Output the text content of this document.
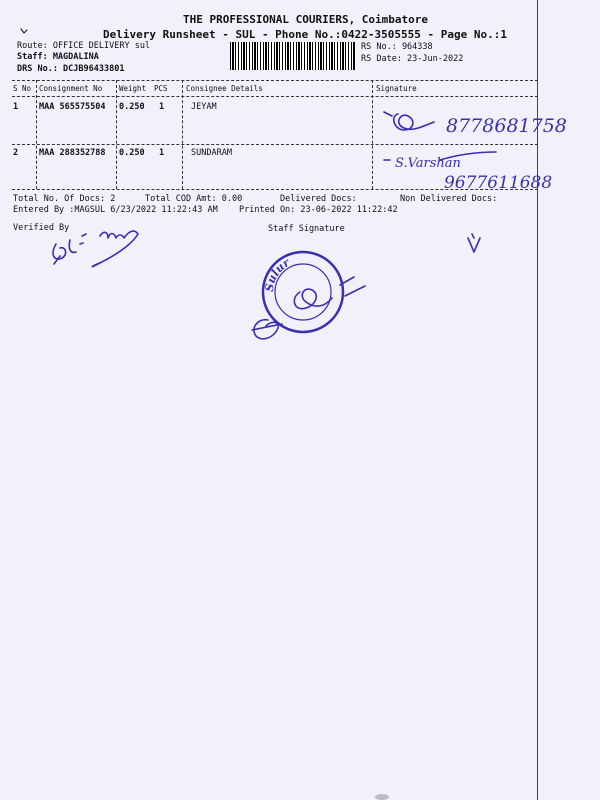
THE PROFESSIONAL COURIERS, Coimbatore
Delivery Runsheet - SUL - Phone No.:0422-3505555 - Page No.:1
Route: OFFICE DELIVERY sul
Staff: MAGDALINA
DRS No.: DCJB96433801
RS No.: 964338
RS Date: 23-Jun-2022
S No Consignment No Weight PCS Consignee Details	Signature
1 MAA 565575504 0.250 1	JEYAM
2 MAA 288352788 0.250 1	SUNDARAM
Total No. Of Docs: 2	Total COD Amt: 0.00	Delivered Docs:	Non Delivered Docs:
Entered By :MAGSUL 6/23/2022 11:22:43 AM	Printed On: 23-06-2022 11:22:42
Verified By	Staff Signature
8778681758
S.Varshan
9677611688
Sulur
